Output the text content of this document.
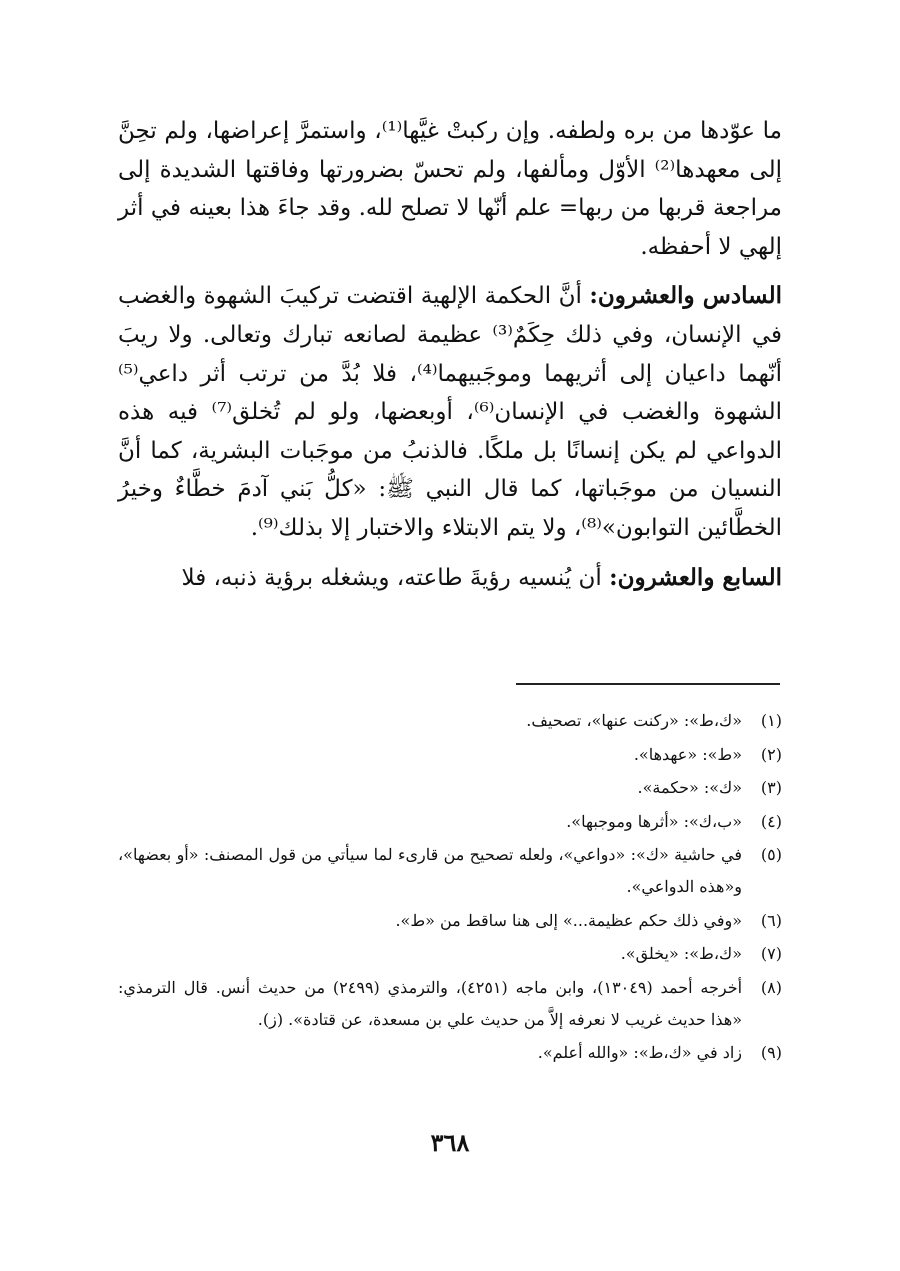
ما عوّدها من بره ولطفه. وإن ركبتْ غيَّها⁽¹⁾، واستمرَّ إعراضها، ولم تحِنَّ إلى معهدها⁽²⁾ الأوّل ومألفها، ولم تحسّ بضرورتها وفاقتها الشديدة إلى مراجعة قربها من ربها= علم أنّها لا تصلح لله. وقد جاءَ هذا بعينه في أثر إلهي لا أحفظه.

السادس والعشرون: أنَّ الحكمة الإلهية اقتضت تركيبَ الشهوة والغضب في الإنسان، وفي ذلك حِكَمٌ⁽³⁾ عظيمة لصانعه تبارك وتعالى. ولا ريبَ أنّهما داعيان إلى أثريهما وموجَبيهما⁽⁴⁾، فلا بُدَّ من ترتب أثر داعي⁽⁵⁾ الشهوة والغضب في الإنسان⁽⁶⁾، أوبعضها، ولو لم تُخلق⁽⁷⁾ فيه هذه الدواعي لم يكن إنسانًا بل ملكًا. فالذنبُ من موجَبات البشرية، كما أنَّ النسيان من موجَباتها، كما قال النبي ﷺ: «كلُّ بَني آدمَ خطَّاءٌ وخيرُ الخطَّائين التوابون»⁽⁸⁾، ولا يتم الابتلاء والاختبار إلا بذلك⁽⁹⁾.

السابع والعشرون: أن يُنسيه رؤيةَ طاعته، ويشغله برؤية ذنبه، فلا

(١)
«ك،ط»: «ركنت عنها»، تصحيف.
(٢)
«ط»: «عهدها».
(٣)
«ك»: «حكمة».
(٤)
«ب،ك»: «أثرها وموجبها».
(٥)
في حاشية «ك»: «دواعي»، ولعله تصحيح من قارىء لما سيأتي من قول المصنف: «أو بعضها»، و«هذه الدواعي».
(٦)
«وفي ذلك حكم عظيمة...» إلى هنا ساقط من «ط».
(٧)
«ك،ط»: «يخلق».
(٨)
أخرجه أحمد (١٣٠٤٩)، وابن ماجه (٤٢٥١)، والترمذي (٢٤٩٩) من حديث أنس. قال الترمذي: «هذا حديث غريب لا نعرفه إلاَّ من حديث علي بن مسعدة، عن قتادة». (ز).
(٩)
زاد في «ك،ط»: «والله أعلم».
٣٦٨
